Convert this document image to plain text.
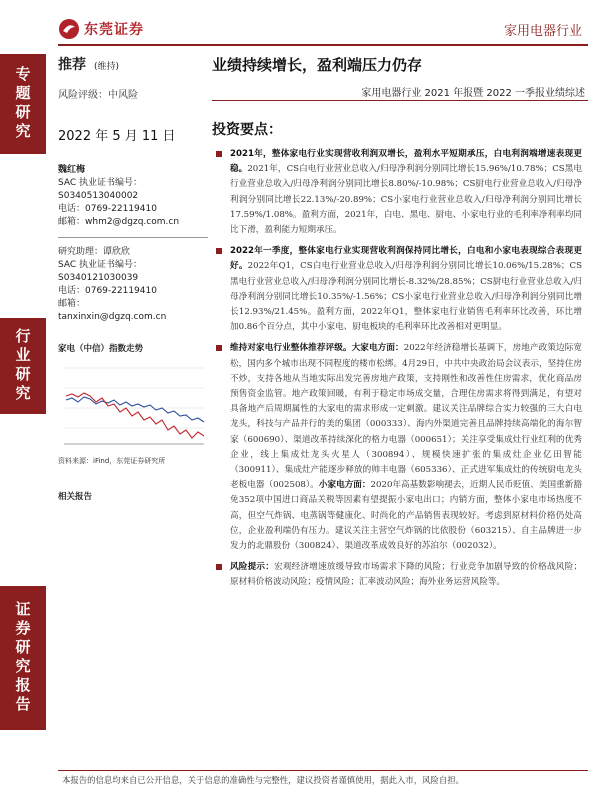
专题研究
行业研究
证券研究报告
东莞证券	家用电器行业
推荐 (维持)
风险评级：中风险
2022 年 5 月 11 日
魏红梅
SAC 执业证书编号：
S0340513040002
电话：0769-22119410
邮箱：whm2@dgzq.com.cn
研究助理：谭欣欣
SAC 执业证书编号：
S0340121030039
电话：0769-22119410
邮箱：
tanxinxin@dgzq.com.cn
家电（中信）指数走势
资料来源：iFind，东莞证券研究所
相关报告
业绩持续增长，盈利端压力仍存
家用电器行业 2021 年报暨 2022 一季报业绩综述
投资要点：
2021年，整体家电行业实现营收利润双增长，盈利水平短期承压，白电利润端增速表现更稳。2021年，CS白电行业营业总收入/归母净利润分别同比增长15.96%/10.78%；CS黑电行业营业总收入/归母净利润分别同比增长8.80%/-10.98%；CS厨电行业营业总收入/归母净利润分别同比增长22.13%/-20.89%；CS小家电行业营业总收入/归母净利润分别同比增长17.59%/1.08%。盈利方面，2021年，白电、黑电、厨电、小家电行业的毛利率净利率均同比下滑，盈利能力短期承压。
2022年一季度，整体家电行业实现营收利润保持同比增长，白电和小家电表现综合表现更好。2022年Q1，CS白电行业营业总收入/归母净利润分别同比增长10.06%/15.28%；CS黑电行业营业总收入/归母净利润分别同比增长-8.32%/28.85%；CS厨电行业营业总收入/归母净利润分别同比增长10.35%/-1.56%；CS小家电行业营业总收入/归母净利润分别同比增长12.93%/21.45%。盈利方面，2022年Q1，整体家电行业销售毛利率环比改善，环比增加0.86个百分点，其中小家电、厨电板块的毛利率环比改善相对更明显。
维持对家电行业整体推荐评级。大家电方面：2022年经济稳增长基调下，房地产政策边际宽松，国内多个城市出现不同程度的楼市松绑。4月29日，中共中央政治局会议表示，坚持住房不炒，支持各地从当地实际出发完善房地产政策，支持刚性和改善性住房需求，优化商品房预售资金监管。地产政策回暖，有利于稳定市场成交量，合理住房需求将得到满足，有望对具备地产后周期属性的大家电的需求形成一定刺激。建议关注品牌综合实力较强的三大白电龙头，科技与产品并行的美的集团（000333）、海内外渠道完善且品牌持续高端化的海尔智家（600690）、渠道改革持续深化的格力电器（000651）；关注享受集成灶行业红利的优秀企业，线上集成灶龙头火星人（300894）、规模快速扩张的集成灶企业亿田智能（300911）、集成灶产能逐步释放的帅丰电器（605336）、正式进军集成灶的传统厨电龙头老板电器（002508）。小家电方面：2020年高基数影响褪去，近期人民币贬值、美国重新豁免352项中国进口商品关税等因素有望提振小家电出口；内销方面，整体小家电市场热度不高，但空气炸锅、电蒸锅等健康化、时尚化的产品销售表现较好。考虑到原材料价格仍处高位，企业盈利端仍有压力。建议关注主营空气炸锅的比依股份（603215）、自主品牌进一步发力的北鼎股份（300824）、渠道改革成效良好的苏泊尔（002032）。
风险提示：宏观经济增速放缓导致市场需求下降的风险；行业竞争加剧导致的价格战风险；原材料价格波动风险；疫情风险；汇率波动风险；海外业务运营风险等。
本报告的信息均来自已公开信息，关于信息的准确性与完整性，建议投资者谨慎使用，据此入市，风险自担。
